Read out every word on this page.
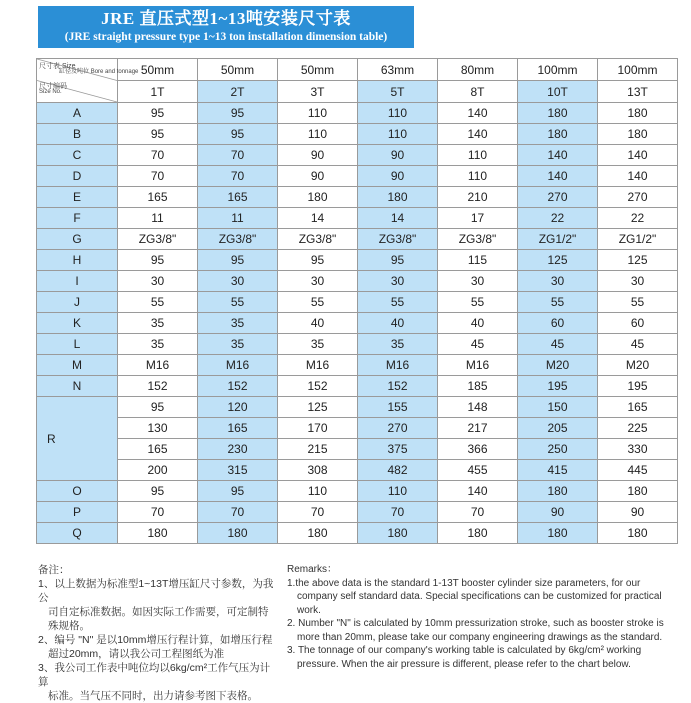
JRE 直压式型1~13吨安装尺寸表
(JRE straight pressure type 1~13 ton installation dimension table)
尺寸表 Size
缸径及吨位 Bore and tonnage
尺寸编码
Size No.	50mm	50mm	50mm	63mm	80mm	100mm	100mm
	1T	2T	3T	5T	8T	10T	13T
A	95	95	110	110	140	180	180
B	95	95	110	110	140	180	180
C	70	70	90	90	110	140	140
D	70	70	90	90	110	140	140
E	165	165	180	180	210	270	270
F	11	11	14	14	17	22	22
G	ZG3/8"	ZG3/8"	ZG3/8"	ZG3/8"	ZG3/8"	ZG1/2"	ZG1/2"
H	95	95	95	95	115	125	125
I	30	30	30	30	30	30	30
J	55	55	55	55	55	55	55
K	35	35	40	40	40	60	60
L	35	35	35	35	45	45	45
M	M16	M16	M16	M16	M16	M20	M20
N	152	152	152	152	185	195	195
R	95	120	125	155	148	150	165
	130	165	170	270	217	205	225
	165	230	215	375	366	250	330
	200	315	308	482	455	415	445
O	95	95	110	110	140	180	180
P	70	70	70	70	70	90	90
Q	180	180	180	180	180	180	180

备注：

1、以上数据为标准型1~13T增压缸尺寸参数，为我公

司自定标准数据。如因实际工作需要，可定制特

殊规格。

2、编号 "N" 是以10mm增压行程计算，如增压行程

超过20mm，请以我公司工程图纸为准

3、我公司工作表中吨位均以6kg/cm²工作气压为计算

标准。当气压不同时，出力请参考图下表格。

Remarks：

1.the above data is the standard 1-13T booster cylinder size parameters, for our

company self standard data. Special specifications can be customized for practical

work.

2. Number "N" is calculated by 10mm pressurization stroke, such as booster stroke is

more than 20mm, please take our company engineering drawings as the standard.

3. The tonnage of our company's working table is calculated by 6kg/cm² working

pressure. When the air pressure is different, please refer to the chart below.
